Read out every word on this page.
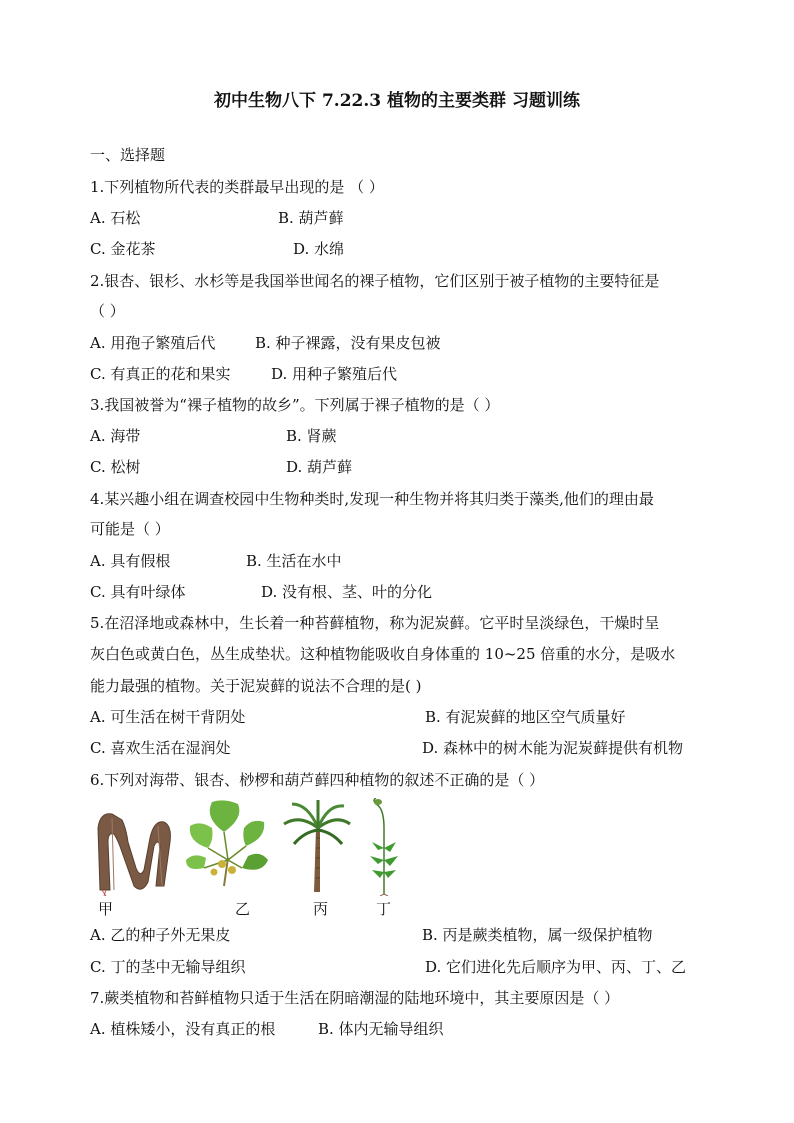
初中生物八下 7.22.3 植物的主要类群 习题训练
一、选择题
1.下列植物所代表的类群最早出现的是 （ ）
A. 石松	B. 葫芦藓
C. 金花茶	D. 水绵
2.银杏、银杉、水杉等是我国举世闻名的裸子植物，它们区别于被子植物的主要特征是
（ ）
A. 用孢子繁殖后代	B. 种子裸露，没有果皮包被
C. 有真正的花和果实	D. 用种子繁殖后代
3.我国被誉为“裸子植物的故乡”。下列属于裸子植物的是（ ）
A. 海带	B. 肾蕨
C. 松树	D. 葫芦藓
4.某兴趣小组在调查校园中生物种类时,发现一种生物并将其归类于藻类,他们的理由最
可能是（ ）
A. 具有假根	B. 生活在水中
C. 具有叶绿体	D. 没有根、茎、叶的分化
5.在沼泽地或森林中，生长着一种苔藓植物，称为泥炭藓。它平时呈淡绿色，干燥时呈
灰白色或黄白色，丛生成垫状。这种植物能吸收自身体重的 10~25 倍重的水分，是吸水
能力最强的植物。关于泥炭藓的说法不合理的是( )
A. 可生活在树干背阴处	B. 有泥炭藓的地区空气质量好
C. 喜欢生活在湿润处	D. 森林中的树木能为泥炭藓提供有机物
6.下列对海带、银杏、桫椤和葫芦藓四种植物的叙述不正确的是（ ）
甲	乙	丙	丁
A. 乙的种子外无果皮	B. 丙是蕨类植物，属一级保护植物
C. 丁的茎中无输导组织	D. 它们进化先后顺序为甲、丙、丁、乙
7.蕨类植物和苔鲜植物只适于生活在阴暗潮湿的陆地环境中，其主要原因是（ ）
A. 植株矮小，没有真正的根	B. 体内无输导组织
